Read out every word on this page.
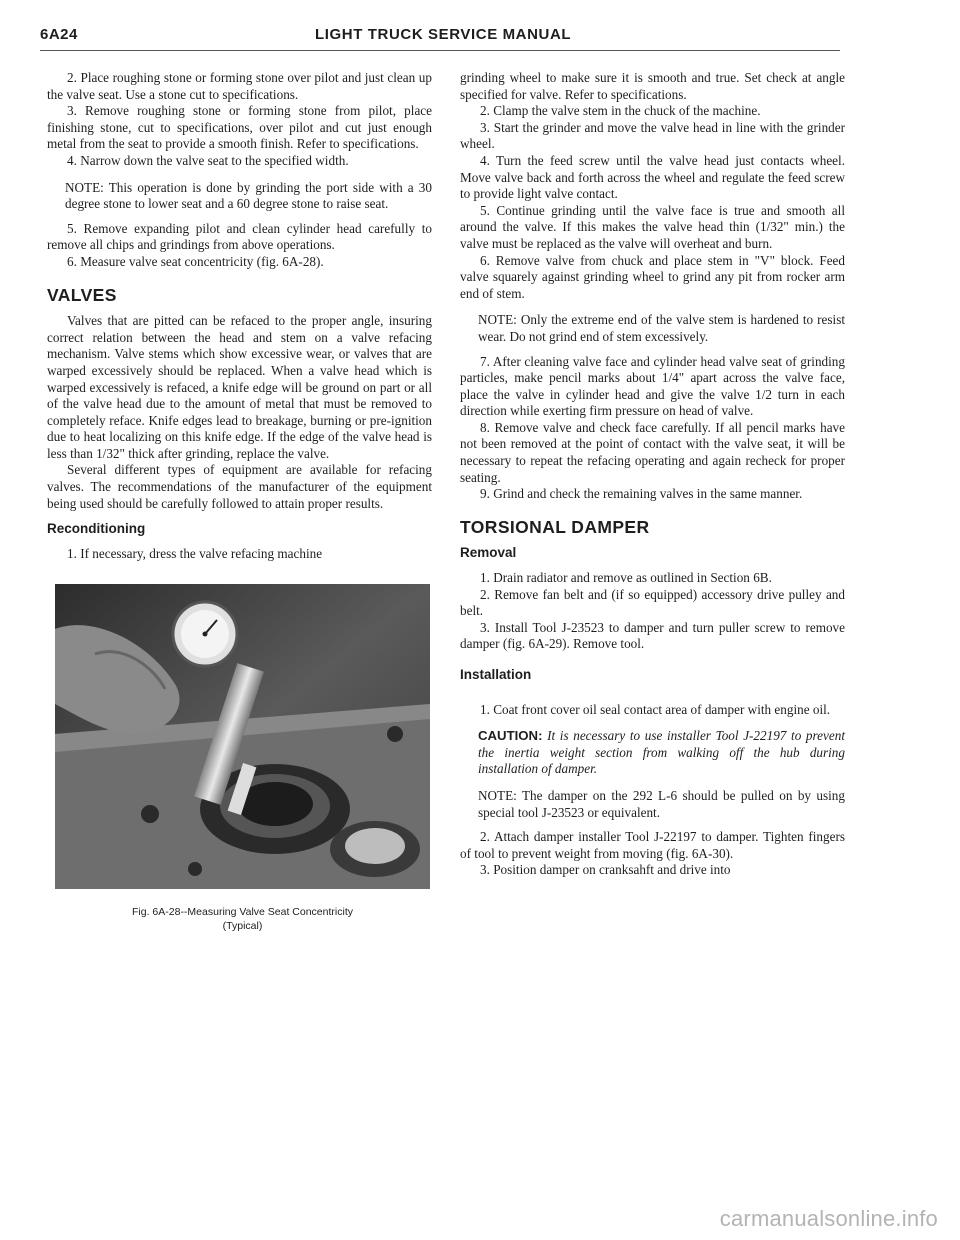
6A24	LIGHT TRUCK SERVICE MANUAL

2. Place roughing stone or forming stone over pilot and just clean up the valve seat. Use a stone cut to specifications.

3. Remove roughing stone or forming stone from pilot, place finishing stone, cut to specifications, over pilot and cut just enough metal from the seat to provide a smooth finish. Refer to specifications.

4. Narrow down the valve seat to the specified width.

NOTE: This operation is done by grinding the port side with a 30 degree stone to lower seat and a 60 degree stone to raise seat.

5. Remove expanding pilot and clean cylinder head carefully to remove all chips and grindings from above operations.

6. Measure valve seat concentricity (fig. 6A-28).

VALVES

Valves that are pitted can be refaced to the proper angle, insuring correct relation between the head and stem on a valve refacing mechanism. Valve stems which show excessive wear, or valves that are warped excessively should be replaced. When a valve head which is warped excessively is refaced, a knife edge will be ground on part or all of the valve head due to the amount of metal that must be removed to completely reface. Knife edges lead to breakage, burning or pre-ignition due to heat localizing on this knife edge. If the edge of the valve head is less than 1/32" thick after grinding, replace the valve.

Several different types of equipment are available for refacing valves. The recommendations of the manufacturer of the equipment being used should be carefully followed to attain proper results.

Reconditioning

1. If necessary, dress the valve refacing machine

Fig. 6A-28--Measuring Valve Seat Concentricity
(Typical)

grinding wheel to make sure it is smooth and true. Set check at angle specified for valve. Refer to specifications.

2. Clamp the valve stem in the chuck of the machine.

3. Start the grinder and move the valve head in line with the grinder wheel.

4. Turn the feed screw until the valve head just contacts wheel. Move valve back and forth across the wheel and regulate the feed screw to provide light valve contact.

5. Continue grinding until the valve face is true and smooth all around the valve. If this makes the valve head thin (1/32" min.) the valve must be replaced as the valve will overheat and burn.

6. Remove valve from chuck and place stem in "V" block. Feed valve squarely against grinding wheel to grind any pit from rocker arm end of stem.

NOTE: Only the extreme end of the valve stem is hardened to resist wear. Do not grind end of stem excessively.

7. After cleaning valve face and cylinder head valve seat of grinding particles, make pencil marks about 1/4" apart across the valve face, place the valve in cylinder head and give the valve 1/2 turn in each direction while exerting firm pressure on head of valve.

8. Remove valve and check face carefully. If all pencil marks have not been removed at the point of contact with the valve seat, it will be necessary to repeat the refacing operating and again recheck for proper seating.

9. Grind and check the remaining valves in the same manner.

TORSIONAL DAMPER

Removal

1. Drain radiator and remove as outlined in Section 6B.

2. Remove fan belt and (if so equipped) accessory drive pulley and belt.

3. Install Tool J-23523 to damper and turn puller screw to remove damper (fig. 6A-29). Remove tool.

Installation

1. Coat front cover oil seal contact area of damper with engine oil.

CAUTION: It is necessary to use installer Tool J-22197 to prevent the inertia weight section from walking off the hub during installation of damper.

NOTE: The damper on the 292 L-6 should be pulled on by using special tool J-23523 or equivalent.

2. Attach damper installer Tool J-22197 to damper. Tighten fingers of tool to prevent weight from moving (fig. 6A-30).

3. Position damper on cranksahft and drive into

carmanualsonline.info
